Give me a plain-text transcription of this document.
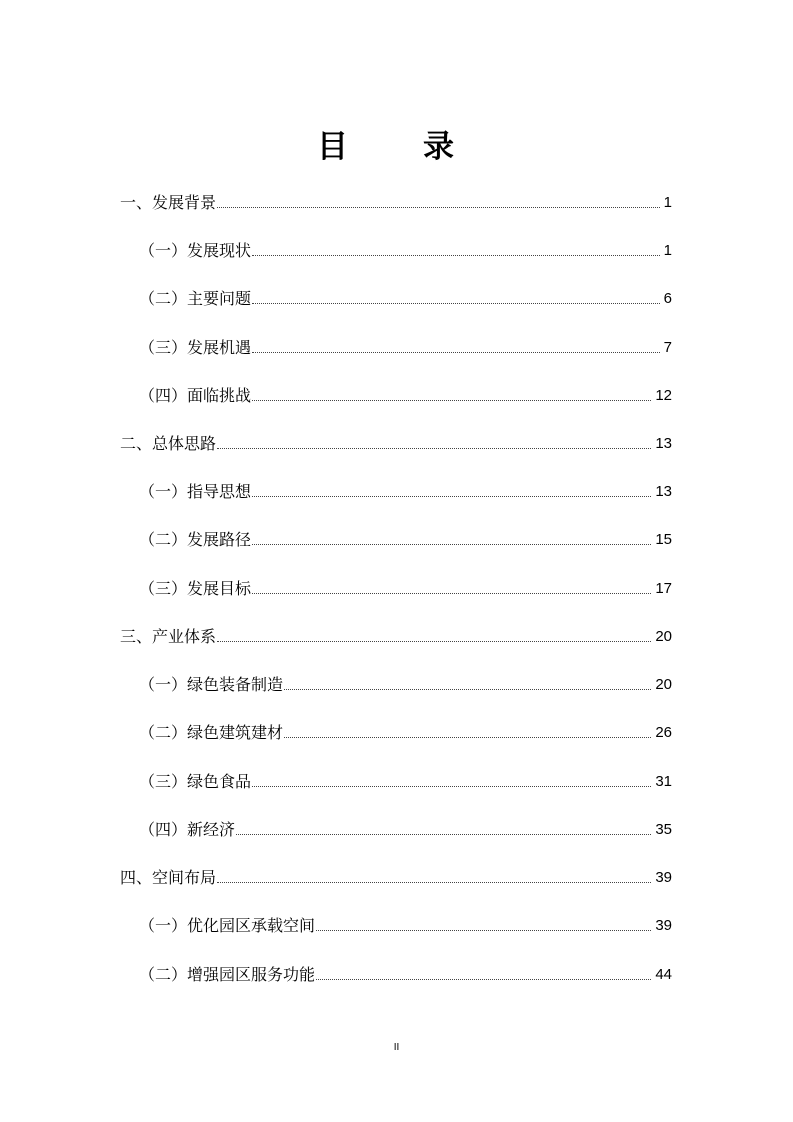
目　录
一、发展背景	1
（一）发展现状	1
（二）主要问题	6
（三）发展机遇	7
（四）面临挑战	12
二、总体思路	13
（一）指导思想	13
（二）发展路径	15
（三）发展目标	17
三、产业体系	20
（一）绿色装备制造	20
（二）绿色建筑建材	26
（三）绿色食品	31
（四）新经济	35
四、空间布局	39
（一）优化园区承载空间	39
（二）增强园区服务功能	44
II
